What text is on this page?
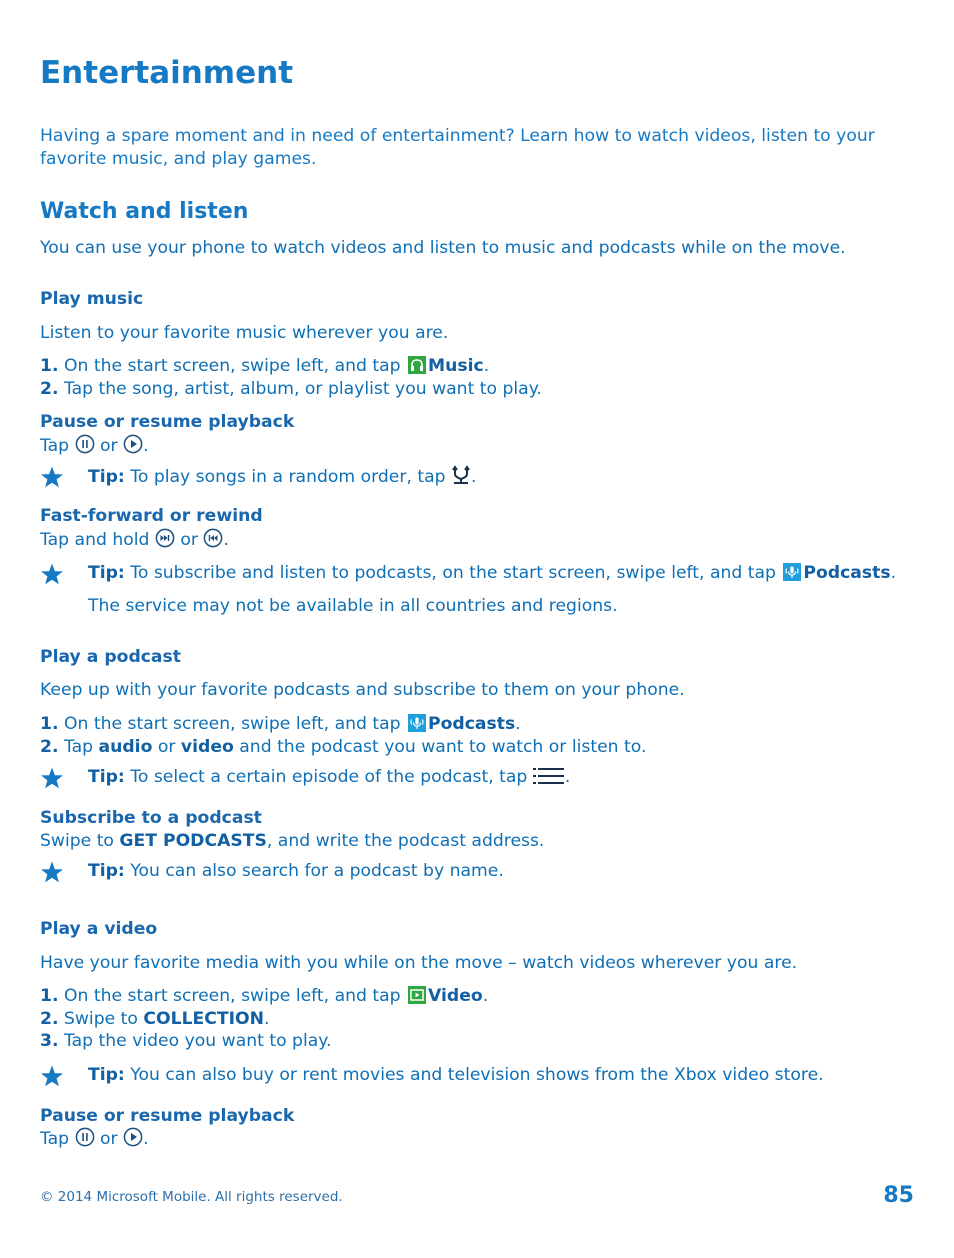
Entertainment
Having a spare moment and in need of entertainment? Learn how to watch videos, listen to your
favorite music, and play games.
Watch and listen
You can use your phone to watch videos and listen to music and podcasts while on the move.
Play music
Listen to your favorite music wherever you are.
1. On the start screen, swipe left, and tap Music.
2. Tap the song, artist, album, or playlist you want to play.
Pause or resume playback
Tap or .
Tip: To play songs in a random order, tap .
Fast-forward or rewind
Tap and hold or .
Tip: To subscribe and listen to podcasts, on the start screen, swipe left, and tap Podcasts.
The service may not be available in all countries and regions.
Play a podcast
Keep up with your favorite podcasts and subscribe to them on your phone.
1. On the start screen, swipe left, and tap Podcasts.
2. Tap audio or video and the podcast you want to watch or listen to.
Tip: To select a certain episode of the podcast, tap .
Subscribe to a podcast
Swipe to GET PODCASTS, and write the podcast address.
Tip: You can also search for a podcast by name.
Play a video
Have your favorite media with you while on the move – watch videos wherever you are.
1. On the start screen, swipe left, and tap Video.
2. Swipe to COLLECTION.
3. Tap the video you want to play.
Tip: You can also buy or rent movies and television shows from the Xbox video store.
Pause or resume playback
Tap or .
© 2014 Microsoft Mobile. All rights reserved.	85
